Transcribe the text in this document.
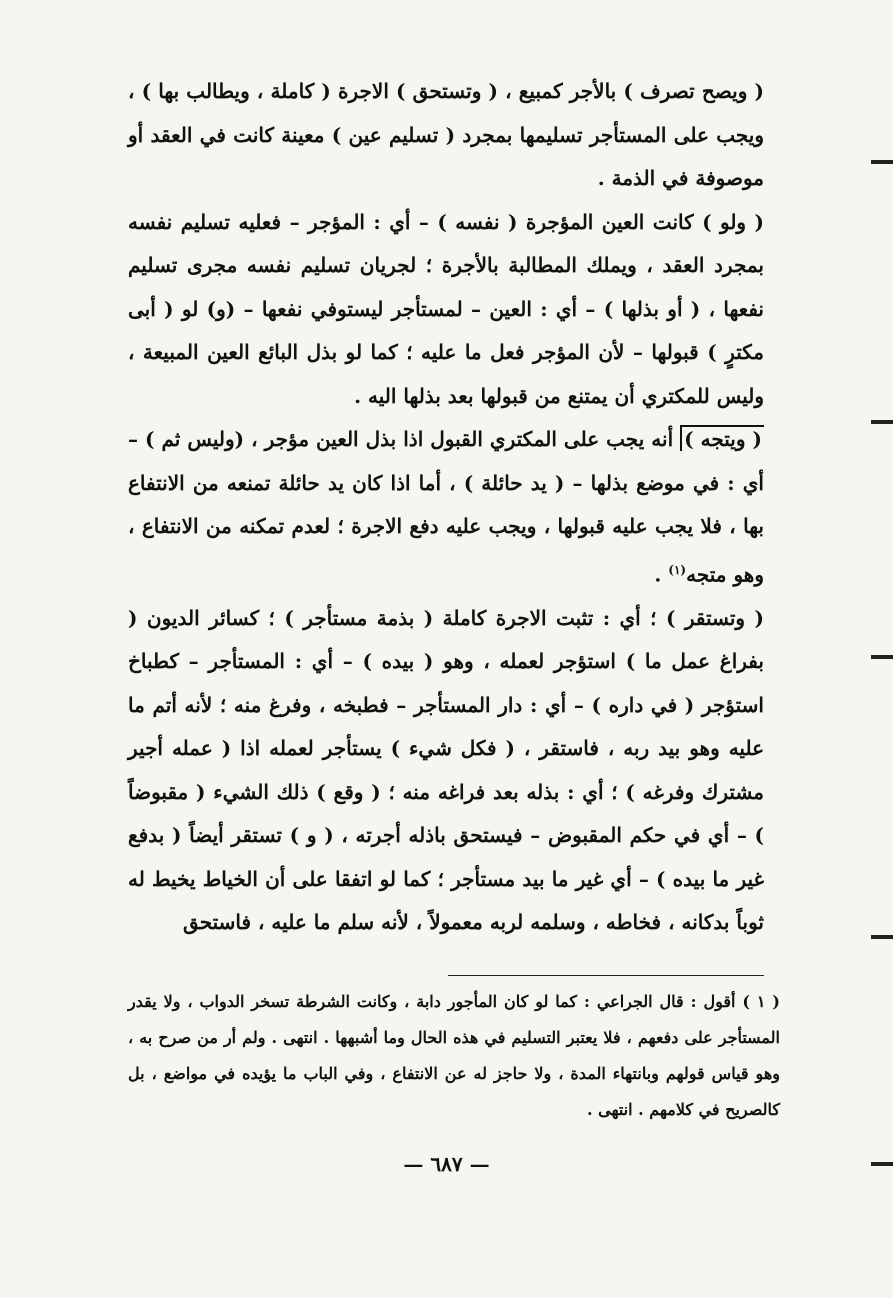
( ويصح تصرف ) بالأجر كمبيع ، ( وتستحق ) الاجرة ( كاملة ، ويطالب بها ) ، ويجب على المستأجر تسليمها بمجرد ( تسليم عين ) معينة كانت في العقد أو موصوفة في الذمة .

( ولو ) كانت العين المؤجرة ( نفسه ) – أي : المؤجر – فعليه تسليم نفسه بمجرد العقد ، ويملك المطالبة بالأجرة ؛ لجريان تسليم نفسه مجرى تسليم نفعها ، ( أو بذلها ) – أي : العين – لمستأجر ليستوفي نفعها – (و) لو ( أبى مكترٍ ) قبولها – لأن المؤجر فعل ما عليه ؛ كما لو بذل البائع العين المبيعة ، وليس للمكتري أن يمتنع من قبولها بعد بذلها اليه .

( ويتجه ) أنه يجب على المكتري القبول اذا بذل العين مؤجر ، (وليس ثم ) – أي : في موضع بذلها – ( يد حائلة ) ، أما اذا كان يد حائلة تمنعه من الانتفاع بها ، فلا يجب عليه قبولها ، ويجب عليه دفع الاجرة ؛ لعدم تمكنه من الانتفاع ، وهو متجه$^{(١)}$ .

( وتستقر ) ؛ أي : تثبت الاجرة كاملة ( بذمة مستأجر ) ؛ كسائر الديون ( بفراغ عمل ما ) استؤجر لعمله ، وهو ( بيده ) – أي : المستأجر – كطباخ استؤجر ( في داره ) – أي : دار المستأجر – فطبخه ، وفرغ منه ؛ لأنه أتم ما عليه وهو بيد ربه ، فاستقر ، ( فكل شيء ) يستأجر لعمله اذا ( عمله أجير مشترك وفرغه ) ؛ أي : بذله بعد فراغه منه ؛ ( وقع ) ذلك الشيء ( مقبوضاً ) – أي في حكم المقبوض – فيستحق باذله أجرته ، ( و ) تستقر أيضاً ( بدفع غير ما بيده ) – أي غير ما بيد مستأجر ؛ كما لو اتفقا على أن الخياط يخيط له ثوباً بدكانه ، فخاطه ، وسلمه لربه معمولاً ، لأنه سلم ما عليه ، فاستحق

( ١ ) أقول : قال الجراعي : كما لو كان المأجور دابة ، وكانت الشرطة تسخر الدواب ، ولا يقدر المستأجر على دفعهم ، فلا يعتبر التسليم في هذه الحال وما أشبهها . انتهى . ولم أر من صرح به ، وهو قياس قولهم وبانتهاء المدة ، ولا حاجز له عن الانتفاع ، وفي الباب ما يؤيده في مواضع ، بل كالصريح في كلامهم . انتهى .

— ٦٨٧ —
